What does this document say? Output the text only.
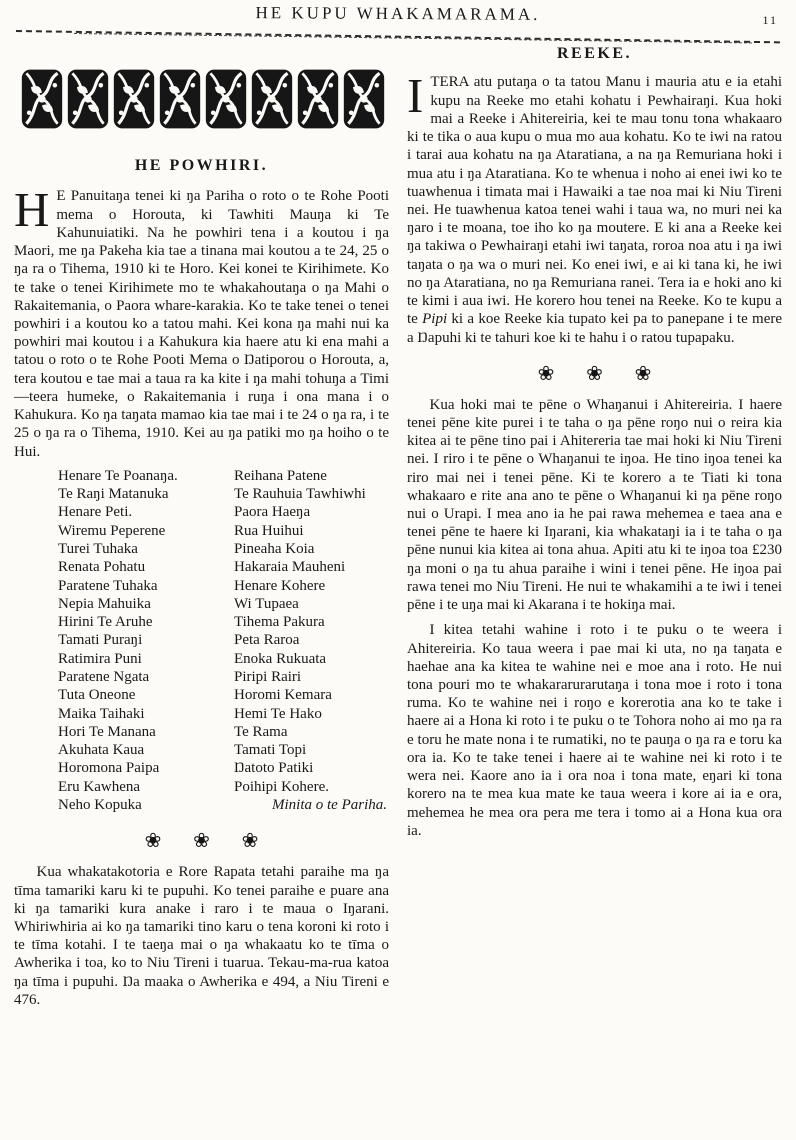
HE KUPU WHAKAMARAMA.	11
HE POWHIRI.

H E Panuitaŋa tenei ki ŋa Pariha o roto o te Rohe Pooti mema o Horouta, ki Tawhiti Mauŋa ki Te Kahunuiatiki. Na he powhiri tena i a koutou i ŋa Maori, me ŋa Pakeha kia tae a tinana mai koutou a te 24, 25 o ŋa ra o Tihema, 1910 ki te Horo. Kei konei te Kirihimete. Ko te take o tenei Kirihimete mo te whakahoutaŋa o ŋa Mahi o Rakaitemania, o Paora whare-karakia. Ko te take tenei o tenei powhiri i a koutou ko a tatou mahi. Kei kona ŋa mahi nui ka powhiri mai koutou i a Kahukura kia haere atu ki ena mahi a tatou o roto o te Rohe Pooti Mema o Ŋatiporou o Horouta, a, tera koutou e tae mai a taua ra ka kite i ŋa mahi tohuŋa a Timi—teera humeke, o Rakaitemania i ruŋa i ona mana i o Kahukura. Ko ŋa taŋata mamao kia tae mai i te 24 o ŋa ra, i te 25 o ŋa ra o Tihema, 1910. Kei au ŋa patiki mo ŋa hoiho o te Hui.

Henare Te Poanaŋa.
Te Raŋi Matanuka
Henare Peti.
Wiremu Peperene
Turei Tuhaka
Renata Pohatu
Paratene Tuhaka
Nepia Mahuika
Hirini Te Aruhe
Tamati Puraŋi
Ratimira Puni
Paratene Ngata
Tuta Oneone
Maika Taihaki
Hori Te Manana
Akuhata Kaua
Horomona Paipa
Eru Kawhena
Neho Kopuka
Reihana Patene
Te Rauhuia Tawhiwhi
Paora Haeŋa
Rua Huihui
Pineaha Koia
Hakaraia Mauheni
Henare Kohere
Wi Tupaea
Tihema Pakura
Peta Raroa
Enoka Rukuata
Piripi Rairi
Horomi Kemara
Hemi Te Hako
Te Rama
Tamati Topi
Ŋatoto Patiki
Poihipi Kohere.
Minita o te Pariha.
❀ ❀ ❀

Kua whakatakotoria e Rore Rapata tetahi paraihe ma ŋa tīma tamariki karu ki te pupuhi. Ko tenei paraihe e puare ana ki ŋa tamariki kura anake i raro i te maua o Iŋarani. Whiriwhiria ai ko ŋa tamariki tino karu o tena koroni ki roto i te tīma kotahi. I te taeŋa mai o ŋa whakaatu ko te tīma o Awherika i toa, ko to Niu Tireni i tuarua. Tekau-ma-rua katoa ŋa tīma i pupuhi. Ŋa maaka o Awherika e 494, a Niu Tireni e 476.

REEKE.

ITERA atu putaŋa o ta tatou Manu i mauria atu e ia etahi kupu na Reeke mo etahi kohatu i Pewhairaŋi. Kua hoki mai a Reeke i Ahitereiria, kei te mau tonu tona whakaaro ki te tika o aua kupu o mua mo aua kohatu. Ko te iwi na ratou i tarai aua kohatu na ŋa Ataratiana, a na ŋa Remuriana hoki i mua atu i ŋa Ataratiana. Ko te whenua i noho ai enei iwi ko te tuawhenua i timata mai i Hawaiki a tae noa mai ki Niu Tireni nei. He tuawhenua katoa tenei wahi i taua wa, no muri nei ka ŋaro i te moana, toe iho ko ŋa moutere. E ki ana a Reeke kei ŋa takiwa o Pewhairaŋi etahi iwi taŋata, roroa noa atu i ŋa iwi taŋata o ŋa wa o muri nei. Ko enei iwi, e ai ki tana ki, he iwi no ŋa Ataratiana, no ŋa Remuriana ranei. Tera ia e hoki ano ki te kimi i aua iwi. He korero hou tenei na Reeke. Ko te kupu a te Pipi ki a koe Reeke kia tupato kei pa to panepane i te mere a Ŋapuhi ki te tahuri koe ki te hahu i o ratou tupapaku.

❀ ❀ ❀

Kua hoki mai te pēne o Whaŋanui i Ahitereiria. I haere tenei pēne kite purei i te taha o ŋa pēne roŋo nui o reira kia kitea ai te pēne tino pai i Ahitereria tae mai hoki ki Niu Tireni nei. I riro i te pēne o Whaŋanui te iŋoa. He tino iŋoa tenei ka riro mai nei i tenei pēne. Ki te korero a te Tiati ki tona whakaaro e rite ana ano te pēne o Whaŋanui ki ŋa pēne roŋo nui o Urapi. I mea ano ia he pai rawa mehemea e taea ana e tenei pēne te haere ki Iŋarani, kia whakataŋi ia i te taha o ŋa pēne nunui kia kitea ai tona ahua. Apiti atu ki te iŋoa toa £230 ŋa moni o ŋa tu ahua paraihe i wini i tenei pēne. He iŋoa pai rawa tenei mo Niu Tireni. He nui te whakamihi a te iwi i tenei pēne i te uŋa mai ki Akarana i te hokiŋa mai.

I kitea tetahi wahine i roto i te puku o te weera i Ahitereiria. Ko taua weera i pae mai ki uta, no ŋa taŋata e haehae ana ka kitea te wahine nei e moe ana i roto. He nui tona pouri mo te whakararurarutaŋa i tona moe i roto i tona ruma. Ko te wahine nei i roŋo e korerotia ana ko te take i haere ai a Hona ki roto i te puku o te Tohora noho ai mo ŋa ra e toru he mate nona i te rumatiki, no te pauŋa o ŋa ra e toru ka ora ia. Ko te take tenei i haere ai te wahine nei ki roto i te wera nei. Kaore ano ia i ora noa i tona mate, eŋari ki tona korero na te mea kua mate ke taua weera i kore ai ia e ora, mehemea he mea ora pera me tera i tomo ai a Hona kua ora ia.
